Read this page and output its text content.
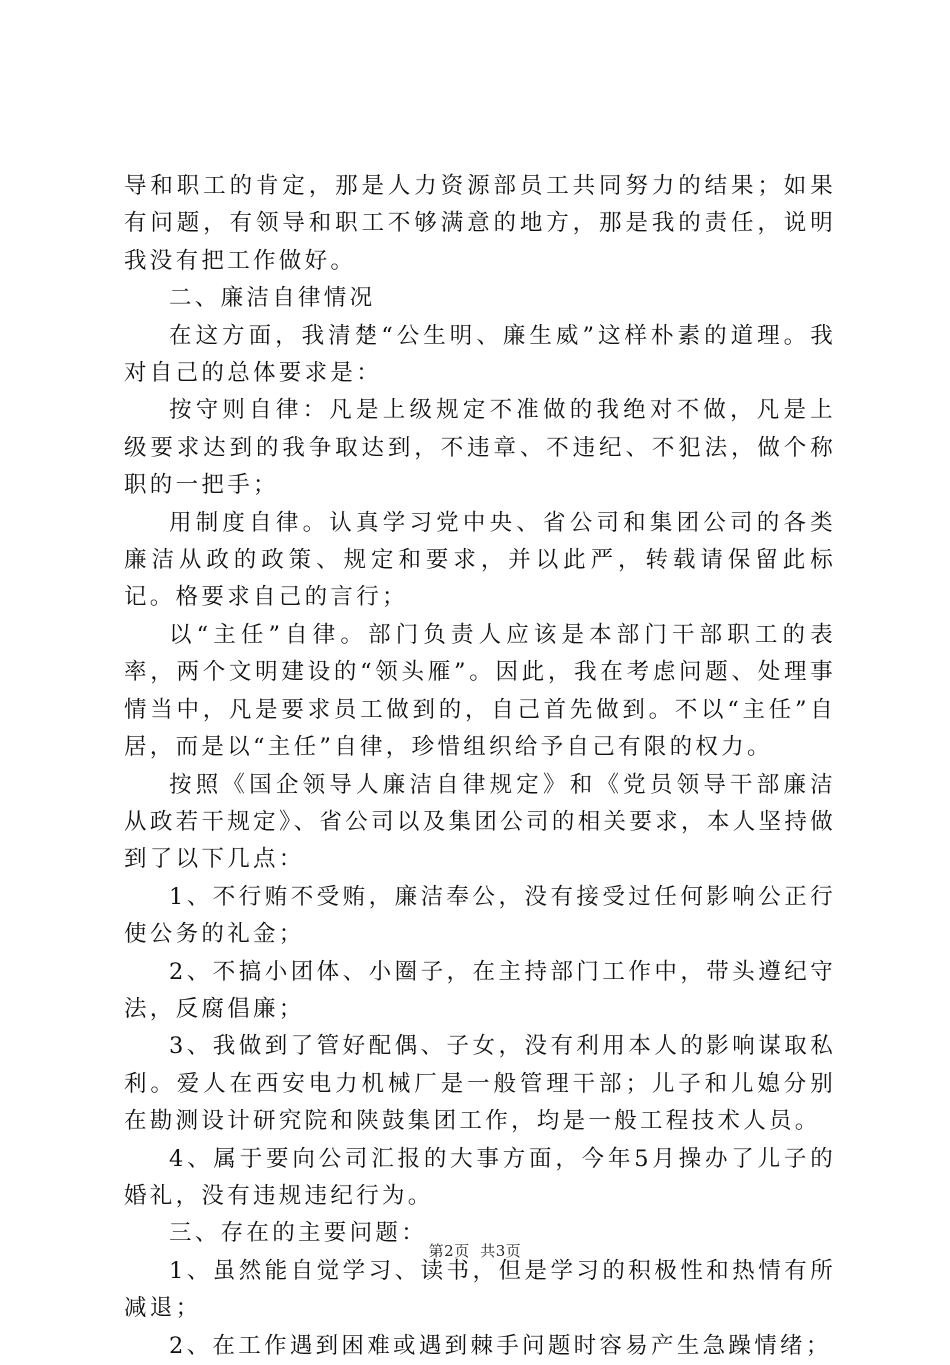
导和职工的肯定，那是人力资源部员工共同努力的结果；如果有问题，有领导和职工不够满意的地方，那是我的责任，说明我没有把工作做好。

二、廉洁自律情况

在这方面，我清楚“公生明、廉生威”这样朴素的道理。我对自己的总体要求是：

按守则自律：凡是上级规定不准做的我绝对不做，凡是上级要求达到的我争取达到，不违章、不违纪、不犯法，做个称职的一把手；

用制度自律。认真学习党中央、省公司和集团公司的各类廉洁从政的政策、规定和要求，并以此严，转载请保留此标记。格要求自己的言行；

以“主任”自律。部门负责人应该是本部门干部职工的表率，两个文明建设的“领头雁”。因此，我在考虑问题、处理事情当中，凡是要求员工做到的，自己首先做到。不以“主任”自居，而是以“主任”自律，珍惜组织给予自己有限的权力。

按照《国企领导人廉洁自律规定》和《党员领导干部廉洁从政若干规定》、省公司以及集团公司的相关要求，本人坚持做到了以下几点：

1、不行贿不受贿，廉洁奉公，没有接受过任何影响公正行使公务的礼金；

2、不搞小团体、小圈子，在主持部门工作中，带头遵纪守法，反腐倡廉；

3、我做到了管好配偶、子女，没有利用本人的影响谋取私利。爱人在西安电力机械厂是一般管理干部；儿子和儿媳分别在勘测设计研究院和陕鼓集团工作，均是一般工程技术人员。

4、属于要向公司汇报的大事方面，今年5月操办了儿子的婚礼，没有违规违纪行为。

三、存在的主要问题：

1、虽然能自觉学习、读书，但是学习的积极性和热情有所减退；

2、在工作遇到困难或遇到棘手问题时容易产生急躁情绪；

第2页 共3页
